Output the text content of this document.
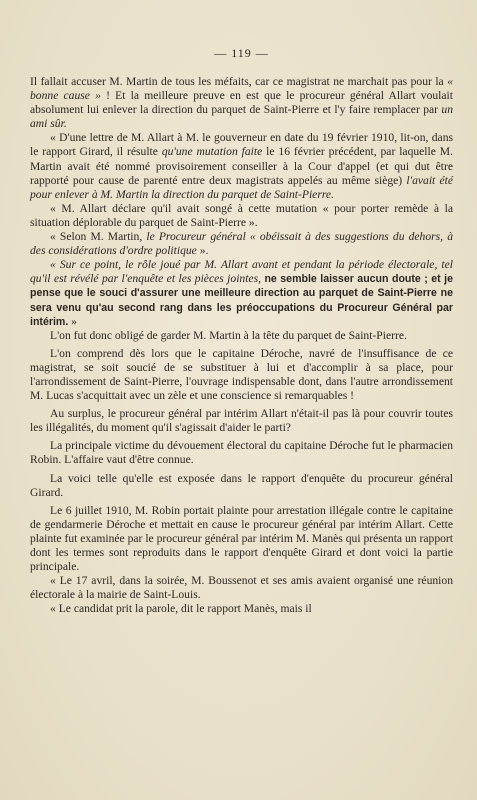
— 119 —

Il fallait accuser M. Martin de tous les méfaits, car ce magistrat ne marchait pas pour la « bonne cause » ! Et la meilleure preuve en est que le procureur général Allart voulait absolument lui enlever la direction du parquet de Saint-Pierre et l'y faire remplacer par un ami sûr.

« D'une lettre de M. Allart à M. le gouverneur en date du 19 février 1910, lit-on, dans le rapport Girard, il résulte qu'une mutation faite le 16 février précédent, par laquelle M. Martin avait été nommé provisoirement conseiller à la Cour d'appel (et qui dut être rapporté pour cause de parenté entre deux magistrats appelés au même siège) l'avait été pour enlever à M. Martin la direction du parquet de Saint-Pierre.

« M. Allart déclare qu'il avait songé à cette mutation « pour porter remède à la situation déplorable du parquet de Saint-Pierre ».

« Selon M. Martin, le Procureur général « obéissait à des suggestions du dehors, à des considérations d'ordre politique ».

« Sur ce point, le rôle joué par M. Allart avant et pendant la période électorale, tel qu'il est révélé par l'enquête et les pièces jointes, ne semble laisser aucun doute ; et je pense que le souci d'assurer une meilleure direction au parquet de Saint-Pierre ne sera venu qu'au second rang dans les préoccupations du Procureur Général par intérim. »

L'on fut donc obligé de garder M. Martin à la tête du parquet de Saint-Pierre.

L'on comprend dès lors que le capitaine Déroche, navré de l'insuffisance de ce magistrat, se soit soucié de se substituer à lui et d'accomplir à sa place, pour l'arrondissement de Saint-Pierre, l'ouvrage indispensable dont, dans l'autre arrondissement M. Lucas s'acquittait avec un zèle et une conscience si remarquables !

Au surplus, le procureur général par intérim Allart n'était-il pas là pour couvrir toutes les illégalités, du moment qu'il s'agissait d'aider le parti?

La principale victime du dévouement électoral du capitaine Déroche fut le pharmacien Robin. L'affaire vaut d'être connue.

La voici telle qu'elle est exposée dans le rapport d'enquête du procureur général Girard.

Le 6 juillet 1910, M. Robin portait plainte pour arrestation illégale contre le capitaine de gendarmerie Déroche et mettait en cause le procureur général par intérim Allart. Cette plainte fut examinée par le procureur général par intérim M. Manès qui présenta un rapport dont les termes sont reproduits dans le rapport d'enquête Girard et dont voici la partie principale.

« Le 17 avril, dans la soirée, M. Boussenot et ses amis avaient organisé une réunion électorale à la mairie de Saint-Louis.

« Le candidat prit la parole, dit le rapport Manès, mais il
